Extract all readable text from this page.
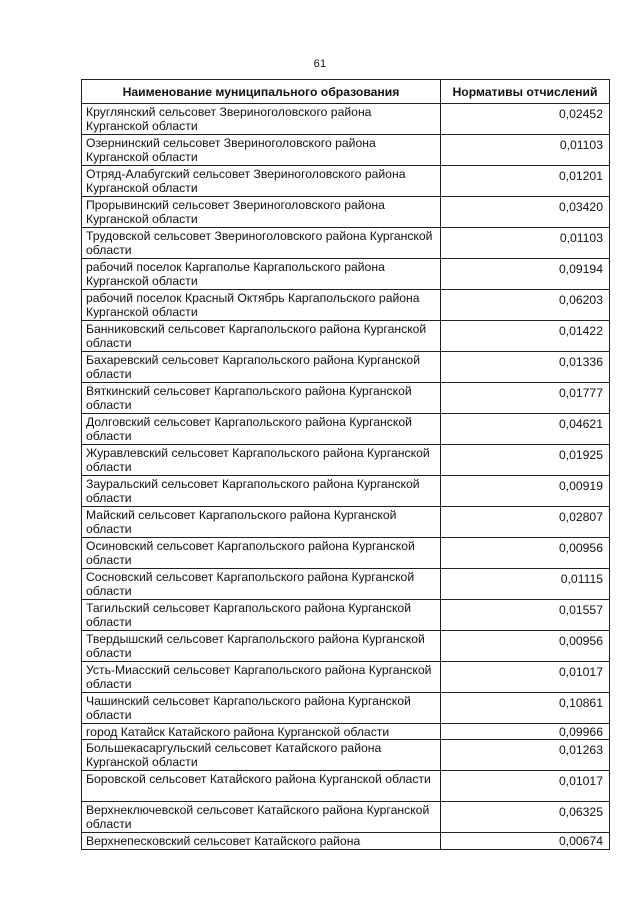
61
Наименование муниципального образования	Нормативы отчислений
Круглянский сельсовет Звериноголовского района Курганской области	0,02452
Озернинский сельсовет Звериноголовского района Курганской области	0,01103
Отряд-Алабугский сельсовет Звериноголовского района Курганской области	0,01201
Прорывинский сельсовет Звериноголовского района Курганской области	0,03420
Трудовской сельсовет Звериноголовского района Курганской области	0,01103
рабочий поселок Каргаполье Каргапольского района Курганской области	0,09194
рабочий поселок Красный Октябрь Каргапольского района Курганской области	0,06203
Банниковский сельсовет Каргапольского района Курганской области	0,01422
Бахаревский сельсовет Каргапольского района Курганской области	0,01336
Вяткинский сельсовет Каргапольского района Курганской области	0,01777
Долговский сельсовет Каргапольского района Курганской области	0,04621
Журавлевский сельсовет Каргапольского района Курганской области	0,01925
Зауральский сельсовет Каргапольского района Курганской области	0,00919
Майский сельсовет Каргапольского района Курганской области	0,02807
Осиновский сельсовет Каргапольского района Курганской области	0,00956
Сосновский сельсовет Каргапольского района Курганской области	0,01115
Тагильский сельсовет Каргапольского района Курганской области	0,01557
Твердышский сельсовет Каргапольского района Курганской области	0,00956
Усть-Миасский сельсовет Каргапольского района Курганской области	0,01017
Чашинский сельсовет Каргапольского района Курганской области	0,10861
город Катайск Катайского района Курганской области	0,09966
Большекасаргульский сельсовет Катайского района Курганской области	0,01263
Боровской сельсовет Катайского района Курганской области	0,01017
Верхнеключевской сельсовет Катайского района Курганской области	0,06325
Верхнепесковский сельсовет Катайского района	0,00674
